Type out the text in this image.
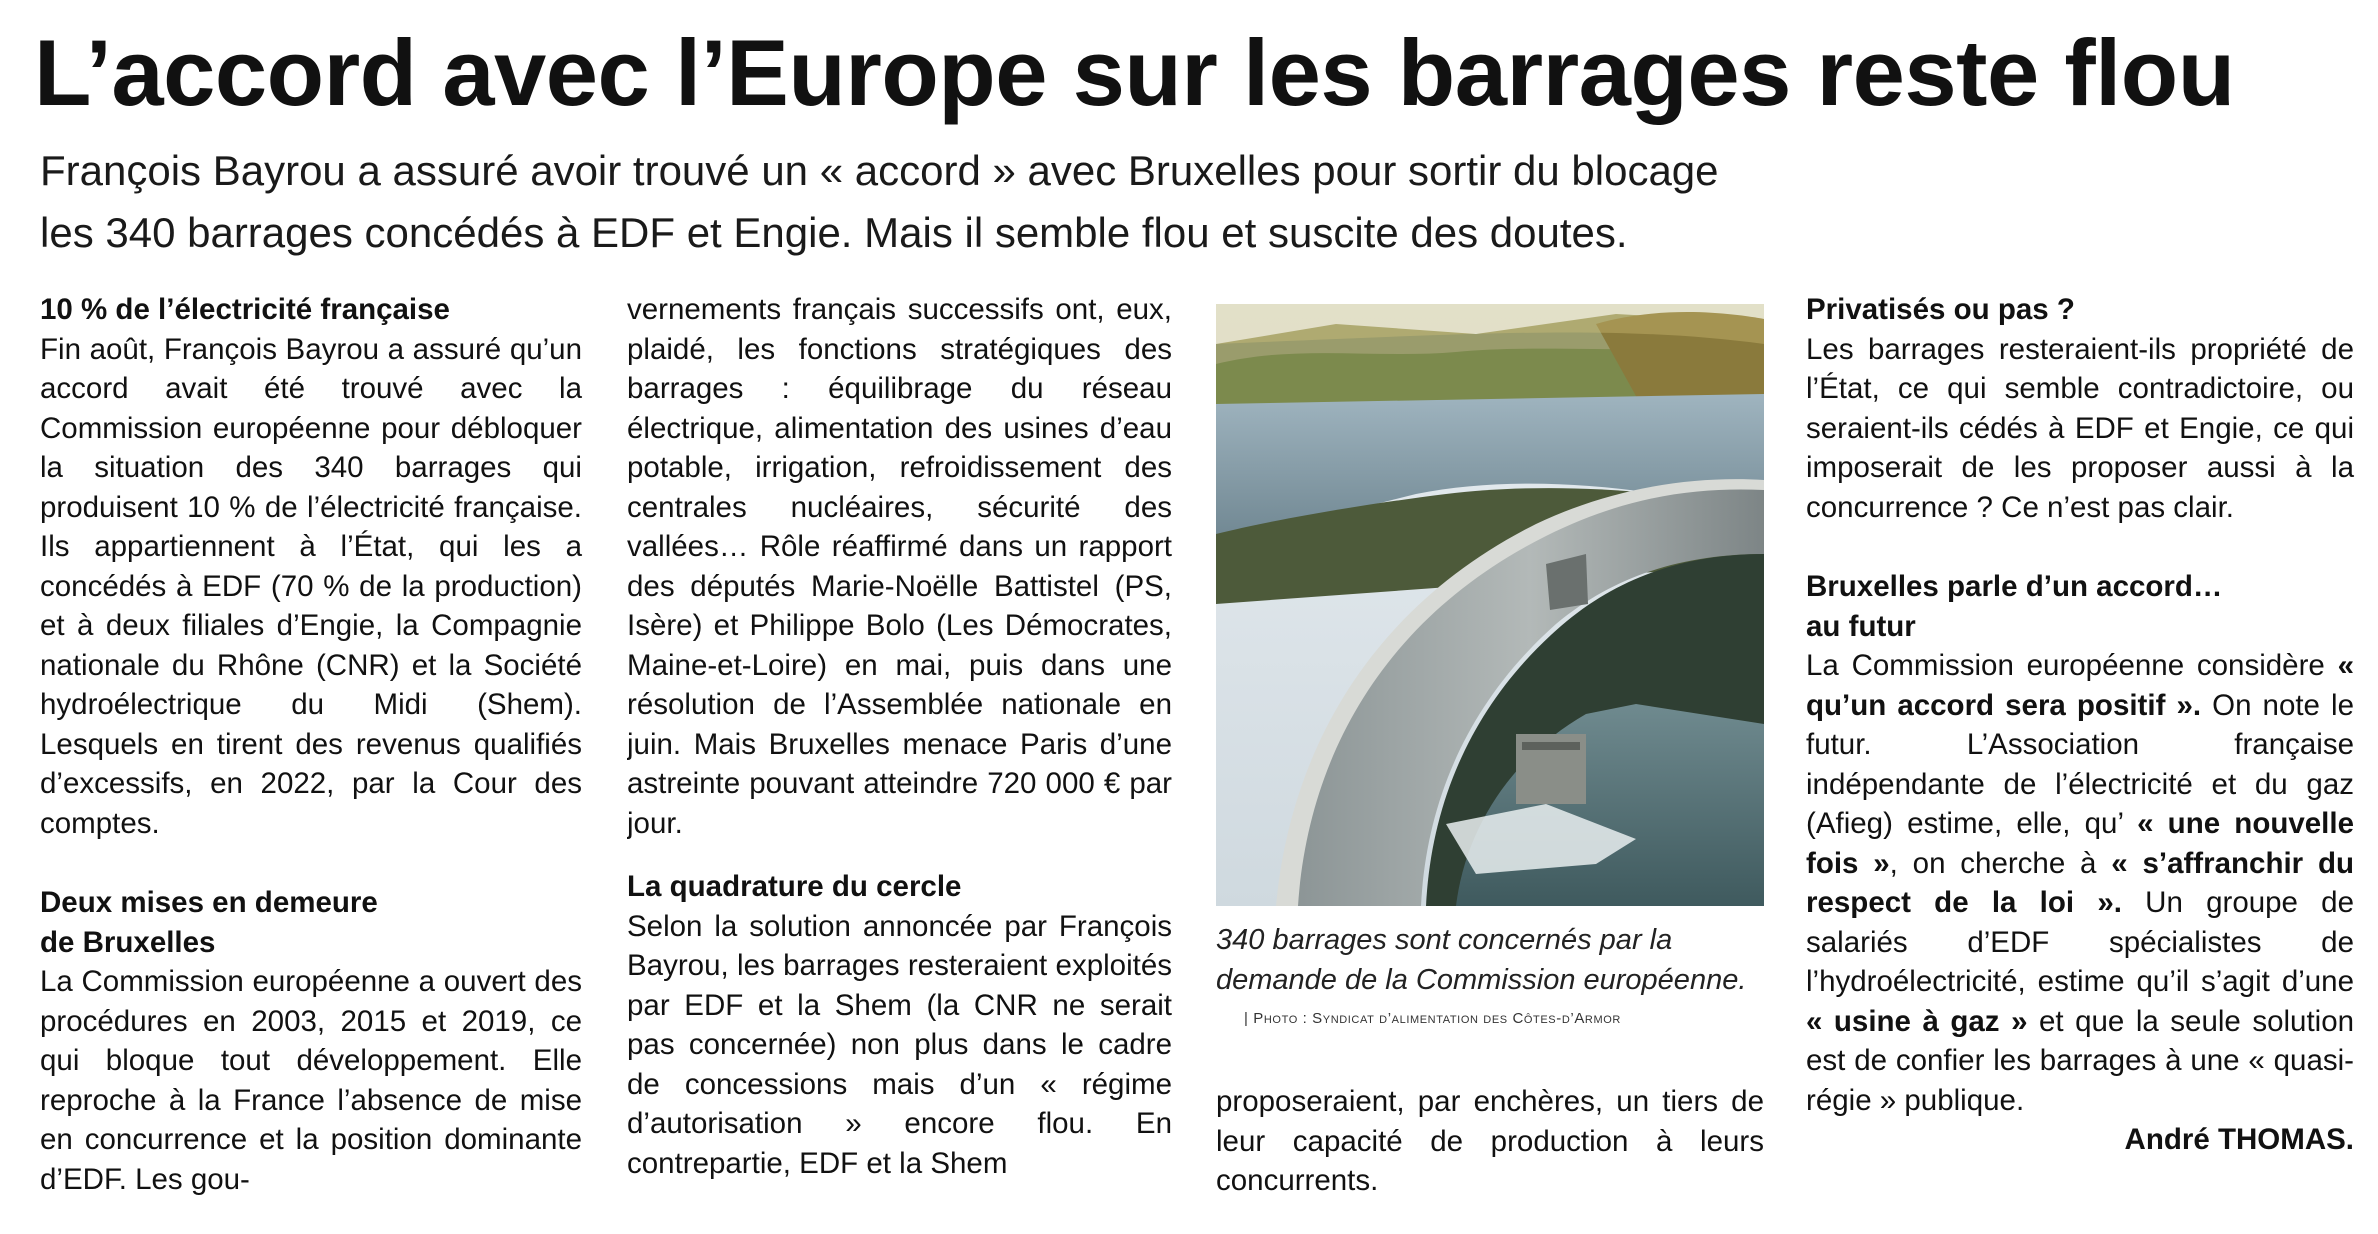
L’accord avec l’Europe sur les barrages reste flou
François Bayrou a assuré avoir trouvé un « accord » avec Bruxelles pour sortir du blocage
les 340 barrages concédés à EDF et Engie. Mais il semble flou et suscite des doutes.
10 % de l’électricité française

Fin août, François Bayrou a assuré qu’un accord avait été trouvé avec la Commission européenne pour débloquer la situation des 340 barrages qui produisent 10 % de l’électricité française. Ils appartiennent à l’État, qui les a concédés à EDF (70 % de la production) et à deux filiales d’Engie, la Compagnie nationale du Rhône (CNR) et la Société hydroélectrique du Midi (Shem). Lesquels en tirent des revenus qualifiés d’excessifs, en 2022, par la Cour des comptes.

Deux mises en demeure
de Bruxelles

La Commission européenne a ouvert des procédures en 2003, 2015 et 2019, ce qui bloque tout développement. Elle reproche à la France l’absence de mise en concurrence et la position dominante d’EDF. Les gou-

vernements français successifs ont, eux, plaidé, les fonctions stratégiques des barrages : équilibrage du réseau électrique, alimentation des usines d’eau potable, irrigation, refroidissement des centrales nucléaires, sécurité des vallées… Rôle réaffirmé dans un rapport des députés Marie-Noëlle Battistel (PS, Isère) et Philippe Bolo (Les Démocrates, Maine-et-Loire) en mai, puis dans une résolution de l’Assemblée nationale en juin. Mais Bruxelles menace Paris d’une astreinte pouvant atteindre 720 000 € par jour.

La quadrature du cercle

Selon la solution annoncée par François Bayrou, les barrages resteraient exploités par EDF et la Shem (la CNR ne serait pas concernée) non plus dans le cadre de concessions mais d’un « régime d’autorisation » encore flou. En contrepartie, EDF et la Shem

340 barrages sont concernés par la demande de la Commission européenne.
| Photo : Syndicat d’alimentation des Côtes-d’Armor

proposeraient, par enchères, un tiers de leur capacité de production à leurs concurrents.

Privatisés ou pas ?

Les barrages resteraient-ils propriété de l’État, ce qui semble contradictoire, ou seraient-ils cédés à EDF et Engie, ce qui imposerait de les proposer aussi à la concurrence ? Ce n’est pas clair.

Bruxelles parle d’un accord…
au futur

La Commission européenne considère « qu’un accord sera positif ». On note le futur. L’Association française indépendante de l’électricité et du gaz (Afieg) estime, elle, qu’ « une nouvelle fois », on cherche à « s’affranchir du respect de la loi ». Un groupe de salariés d’EDF spécialistes de l’hydroélectricité, estime qu’il s’agit d’une « usine à gaz » et que la seule solution est de confier les barrages à une « quasi-régie » publique.

André THOMAS.
